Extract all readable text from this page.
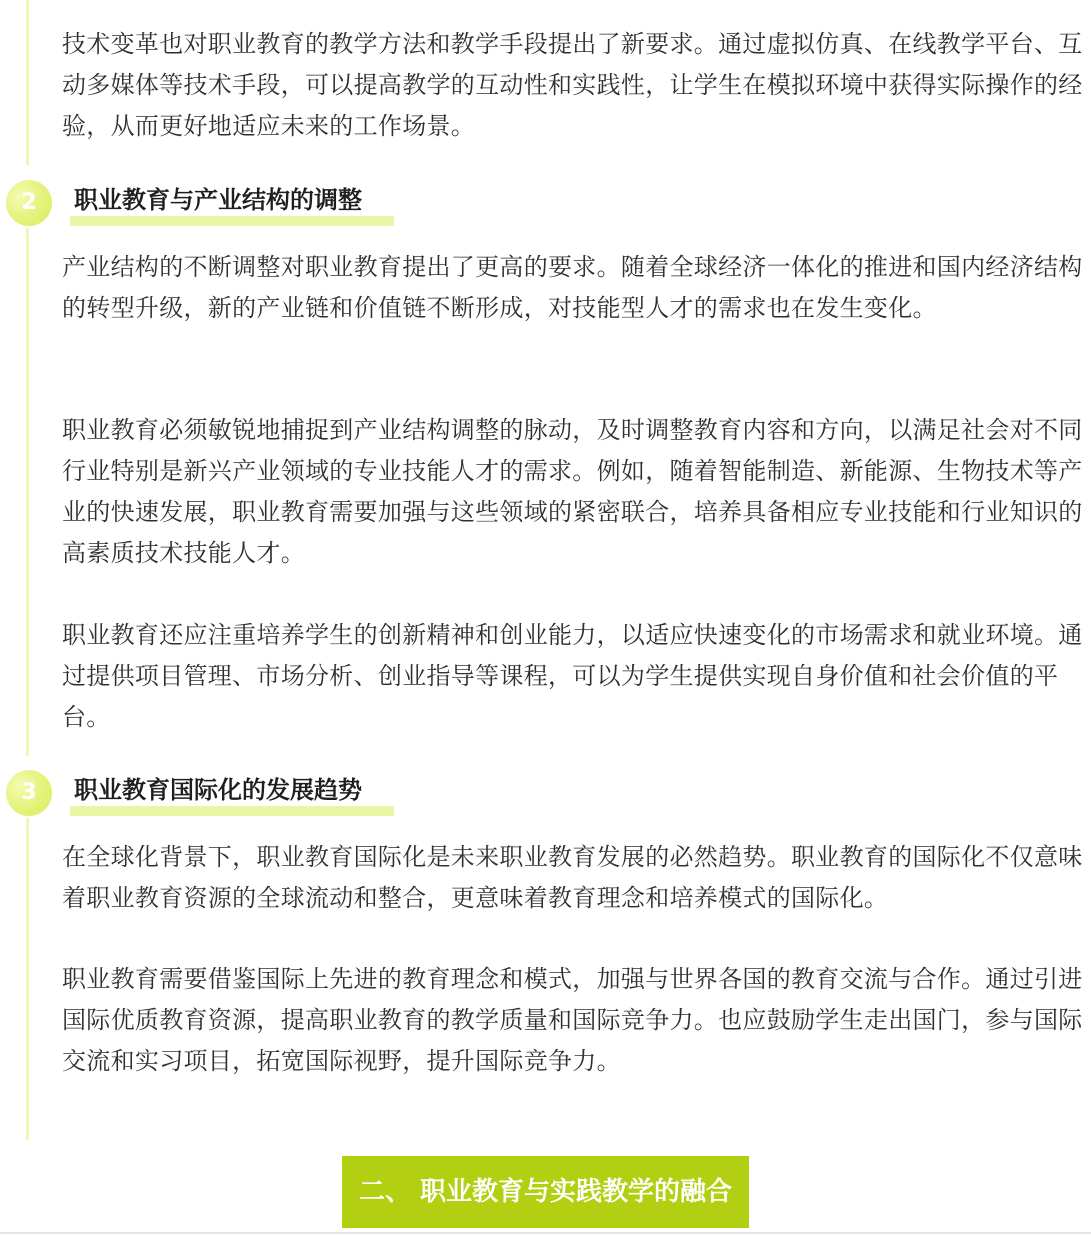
技术变革也对职业教育的教学方法和教学手段提出了新要求。通过虚拟仿真、在线教学平台、互动多媒体等技术手段，可以提高教学的互动性和实践性，让学生在模拟环境中获得实际操作的经验，从而更好地适应未来的工作场景。

2	职业教育与产业结构的调整

产业结构的不断调整对职业教育提出了更高的要求。随着全球经济一体化的推进和国内经济结构的转型升级，新的产业链和价值链不断形成，对技能型人才的需求也在发生变化。

职业教育必须敏锐地捕捉到产业结构调整的脉动，及时调整教育内容和方向，以满足社会对不同行业特别是新兴产业领域的专业技能人才的需求。例如，随着智能制造、新能源、生物技术等产业的快速发展，职业教育需要加强与这些领域的紧密联合，培养具备相应专业技能和行业知识的高素质技术技能人才。

职业教育还应注重培养学生的创新精神和创业能力，以适应快速变化的市场需求和就业环境。通过提供项目管理、市场分析、创业指导等课程，可以为学生提供实现自身价值和社会价值的平台。

3	职业教育国际化的发展趋势

在全球化背景下，职业教育国际化是未来职业教育发展的必然趋势。职业教育的国际化不仅意味着职业教育资源的全球流动和整合，更意味着教育理念和培养模式的国际化。

职业教育需要借鉴国际上先进的教育理念和模式，加强与世界各国的教育交流与合作。通过引进国际优质教育资源，提高职业教育的教学质量和国际竞争力。也应鼓励学生走出国门，参与国际交流和实习项目，拓宽国际视野，提升国际竞争力。

二、 职业教育与实践教学的融合
